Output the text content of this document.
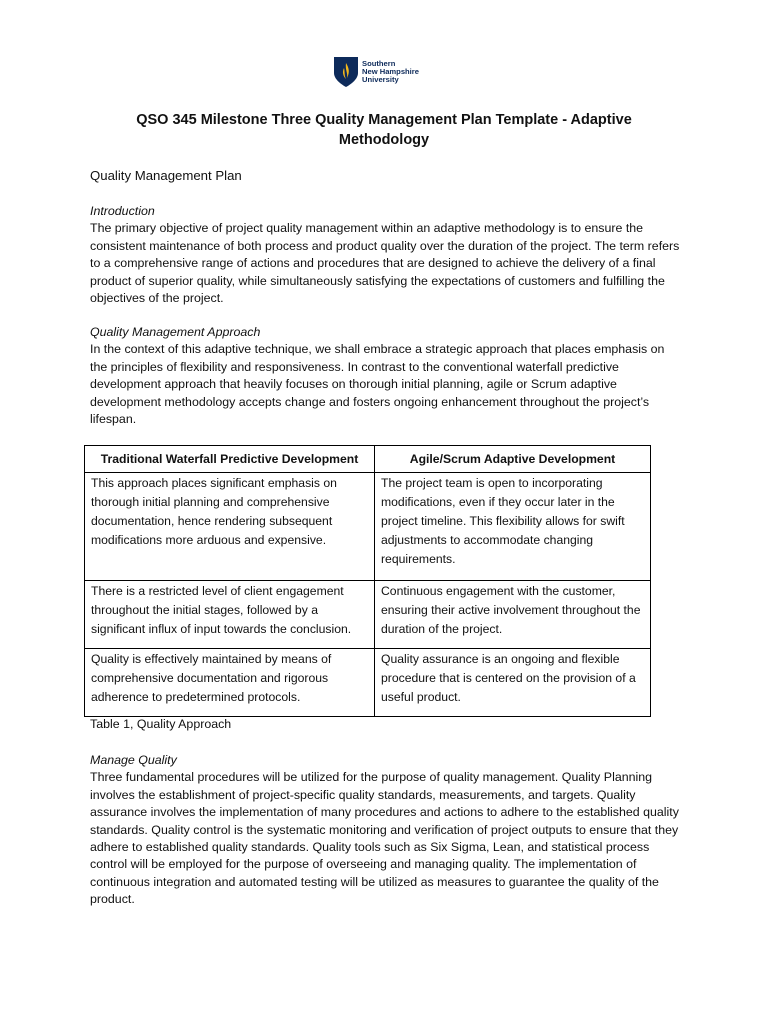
Southern
New Hampshire
University
QSO 345 Milestone Three Quality Management Plan Template - Adaptive Methodology
Quality Management Plan
Introduction
The primary objective of project quality management within an adaptive methodology is to ensure the consistent maintenance of both process and product quality over the duration of the project. The term refers to a comprehensive range of actions and procedures that are designed to achieve the delivery of a final product of superior quality, while simultaneously satisfying the expectations of customers and fulfilling the objectives of the project.
Quality Management Approach
In the context of this adaptive technique, we shall embrace a strategic approach that places emphasis on the principles of flexibility and responsiveness. In contrast to the conventional waterfall predictive development approach that heavily focuses on thorough initial planning, agile or Scrum adaptive development methodology accepts change and fosters ongoing enhancement throughout the project’s lifespan.
Traditional Waterfall Predictive Development	Agile/Scrum Adaptive Development
This approach places significant emphasis on thorough initial planning and comprehensive documentation, hence rendering subsequent modifications more arduous and expensive.	The project team is open to incorporating modifications, even if they occur later in the project timeline. This flexibility allows for swift adjustments to accommodate changing requirements.
There is a restricted level of client engagement throughout the initial stages, followed by a significant influx of input towards the conclusion.	Continuous engagement with the customer, ensuring their active involvement throughout the duration of the project.
Quality is effectively maintained by means of comprehensive documentation and rigorous adherence to predetermined protocols.	Quality assurance is an ongoing and flexible procedure that is centered on the provision of a useful product.
Table 1, Quality Approach
Manage Quality
Three fundamental procedures will be utilized for the purpose of quality management. Quality Planning involves the establishment of project-specific quality standards, measurements, and targets. Quality assurance involves the implementation of many procedures and actions to adhere to the established quality standards. Quality control is the systematic monitoring and verification of project outputs to ensure that they adhere to established quality standards. Quality tools such as Six Sigma, Lean, and statistical process control will be employed for the purpose of overseeing and managing quality. The implementation of continuous integration and automated testing will be utilized as measures to guarantee the quality of the product.
